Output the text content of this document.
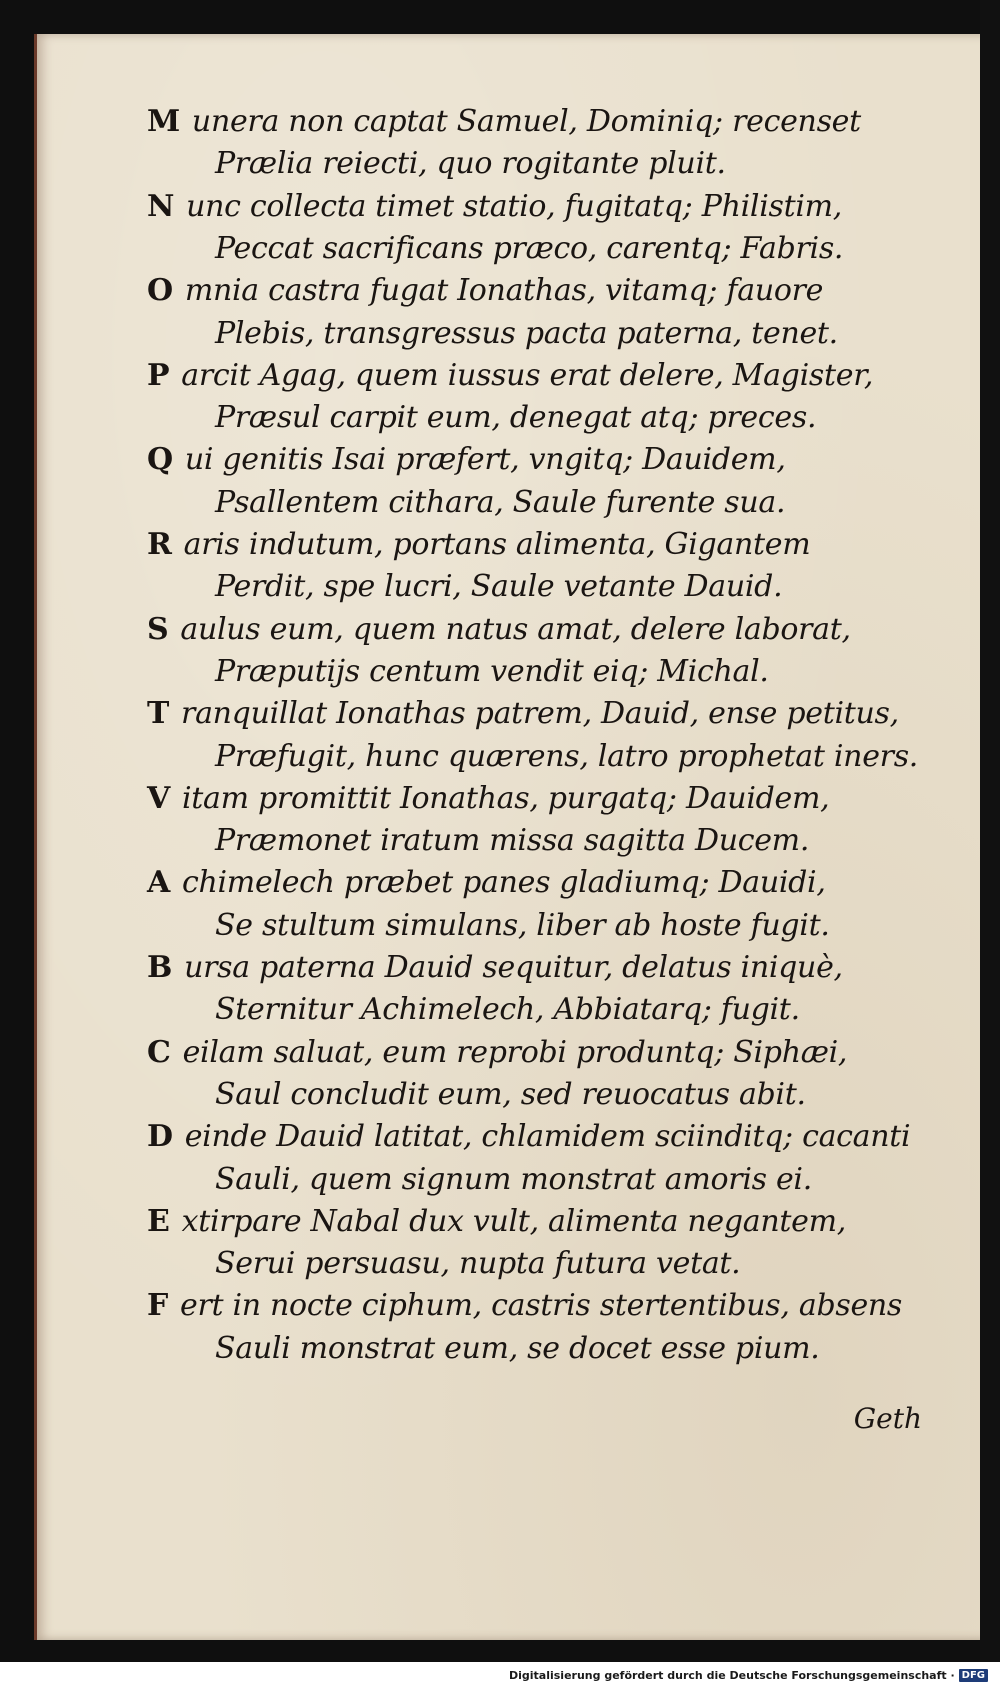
M unera non captat Samuel, Dominiq; recenset
Prælia reiecti, quo rogitante pluit.
N unc collecta timet statio, fugitatq; Philistim,
Peccat sacrificans præco, carentq; Fabris.
O mnia castra fugat Ionathas, vitamq; fauore
Plebis, transgressus pacta paterna, tenet.
P arcit Agag, quem iussus erat delere, Magister,
Præsul carpit eum, denegat atq; preces.
Q ui genitis Isai præfert, vngitq; Dauidem,
Psallentem cithara, Saule furente sua.
R aris indutum, portans alimenta, Gigantem
Perdit, spe lucri, Saule vetante Dauid.
S aulus eum, quem natus amat, delere laborat,
Præputijs centum vendit eiq; Michal.
T ranquillat Ionathas patrem, Dauid, ense petitus,
Præfugit, hunc quærens, latro prophetat iners.
V itam promittit Ionathas, purgatq; Dauidem,
Præmonet iratum missa sagitta Ducem.
A chimelech præbet panes gladiumq; Dauidi,
Se stultum simulans, liber ab hoste fugit.
B ursa paterna Dauid sequitur, delatus iniquè,
Sternitur Achimelech, Abbiatarq; fugit.
C eilam saluat, eum reprobi produntq; Siphæi,
Saul concludit eum, sed reuocatus abit.
D einde Dauid latitat, chlamidem sciinditq; cacanti
Sauli, quem signum monstrat amoris ei.
E xtirpare Nabal dux vult, alimenta negantem,
Serui persuasu, nupta futura vetat.
F ert in nocte ciphum, castris stertentibus, absens
Sauli monstrat eum, se docet esse pium.
Geth
Digitalisierung gefördert durch die Deutsche Forschungsgemeinschaft · DFG
